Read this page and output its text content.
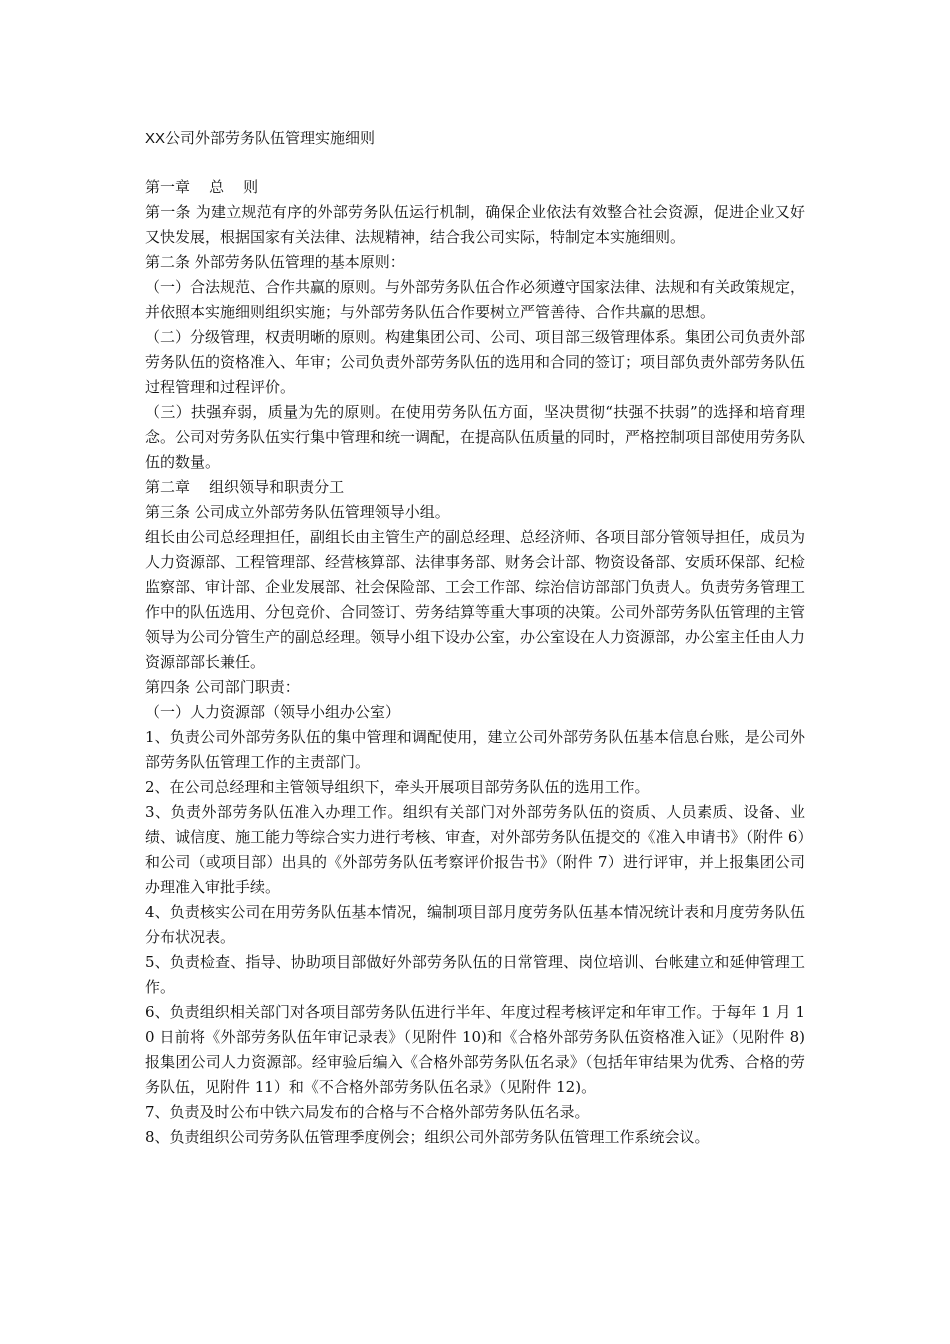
XX公司外部劳务队伍管理实施细则

第一章    总    则

第一条 为建立规范有序的外部劳务队伍运行机制，确保企业依法有效整合社会资源，促进企业又好又快发展，根据国家有关法律、法规精神，结合我公司实际，特制定本实施细则。

第二条 外部劳务队伍管理的基本原则：

（一）合法规范、合作共赢的原则。与外部劳务队伍合作必须遵守国家法律、法规和有关政策规定，并依照本实施细则组织实施；与外部劳务队伍合作要树立严管善待、合作共赢的思想。

（二）分级管理，权责明晰的原则。构建集团公司、公司、项目部三级管理体系。集团公司负责外部劳务队伍的资格准入、年审；公司负责外部劳务队伍的选用和合同的签订；项目部负责外部劳务队伍过程管理和过程评价。

（三）扶强弃弱，质量为先的原则。在使用劳务队伍方面，坚决贯彻“扶强不扶弱”的选择和培育理念。公司对劳务队伍实行集中管理和统一调配，在提高队伍质量的同时，严格控制项目部使用劳务队伍的数量。

第二章    组织领导和职责分工

第三条 公司成立外部劳务队伍管理领导小组。

组长由公司总经理担任，副组长由主管生产的副总经理、总经济师、各项目部分管领导担任，成员为人力资源部、工程管理部、经营核算部、法律事务部、财务会计部、物资设备部、安质环保部、纪检监察部、审计部、企业发展部、社会保险部、工会工作部、综治信访部部门负责人。负责劳务管理工作中的队伍选用、分包竞价、合同签订、劳务结算等重大事项的决策。公司外部劳务队伍管理的主管领导为公司分管生产的副总经理。领导小组下设办公室，办公室设在人力资源部，办公室主任由人力资源部部长兼任。

第四条 公司部门职责：

（一）人力资源部（领导小组办公室）

1、负责公司外部劳务队伍的集中管理和调配使用，建立公司外部劳务队伍基本信息台账，是公司外部劳务队伍管理工作的主责部门。

2、在公司总经理和主管领导组织下，牵头开展项目部劳务队伍的选用工作。

3、负责外部劳务队伍准入办理工作。组织有关部门对外部劳务队伍的资质、人员素质、设备、业绩、诚信度、施工能力等综合实力进行考核、审查，对外部劳务队伍提交的《准入申请书》（附件 6）和公司（或项目部）出具的《外部劳务队伍考察评价报告书》（附件 7）进行评审，并上报集团公司办理准入审批手续。

4、负责核实公司在用劳务队伍基本情况，编制项目部月度劳务队伍基本情况统计表和月度劳务队伍分布状况表。

5、负责检查、指导、协助项目部做好外部劳务队伍的日常管理、岗位培训、台帐建立和延伸管理工作。

6、负责组织相关部门对各项目部劳务队伍进行半年、年度过程考核评定和年审工作。于每年 1 月 10 日前将《外部劳务队伍年审记录表》（见附件 10)和《合格外部劳务队伍资格准入证》（见附件 8)报集团公司人力资源部。经审验后编入《合格外部劳务队伍名录》（包括年审结果为优秀、合格的劳务队伍，见附件 11）和《不合格外部劳务队伍名录》（见附件 12)。

7、负责及时公布中铁六局发布的合格与不合格外部劳务队伍名录。

8、负责组织公司劳务队伍管理季度例会；组织公司外部劳务队伍管理工作系统会议。
